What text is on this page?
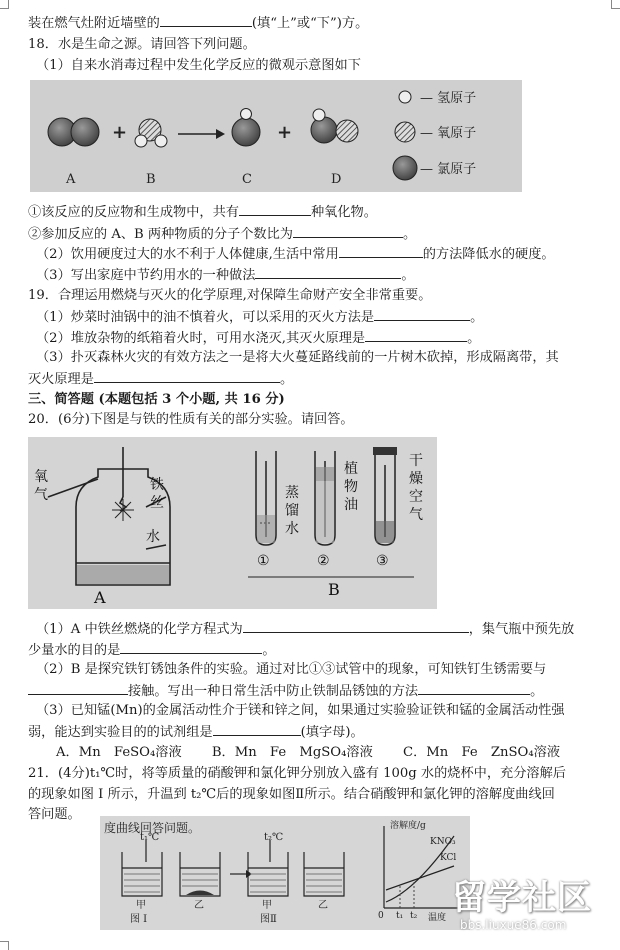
装在燃气灶附近墙壁的	(填“上”或“下”)方。
18．水是生命之源。请回答下列问题。
（1）自来水消毒过程中发生化学反应的微观示意图如下
+	+
A	B	C	D
— 氢原子
— 氧原子
— 氯原子
①该反应的反应物和生成物中，共有	种氧化物。
②参加反应的 A、B 两种物质的分子个数比为	。
（2）饮用硬度过大的水不利于人体健康,生活中常用	的方法降低水的硬度。
（3）写出家庭中节约用水的一种做法	。
19．合理运用燃烧与灭火的化学原理,对保障生命财产安全非常重要。
（1）炒菜时油锅中的油不慎着火，可以采用的灭火方法是	。
（2）堆放杂物的纸箱着火时，可用水浇灭,其灭火原理是	。
（3）扑灭森林火灾的有效方法之一是将大火蔓延路线前的一片树木砍掉，形成隔离带，其
灭火原理是	。
三、简答题 (本题包括 3 个小题, 共 16 分)
20．(6分)下图是与铁的性质有关的部分实验。请回答。
氧
气
铁
丝
水
蒸
馏
水
植
物
油
干
燥
空
气
①	②	③
A	B
（1）A 中铁丝燃烧的化学方程式为	，集气瓶中预先放
少量水的目的是	。
（2）B 是探究铁钉锈蚀条件的实验。通过对比①③试管中的现象，可知铁钉生锈需要与
接触。写出一种日常生活中防止铁制品锈蚀的方法	。
（3）已知锰(Mn)的金属活动性介于镁和锌之间，如果通过实验验证铁和锰的金属活动性强
弱，能达到实验目的的试剂组是	(填字母)。
A．Mn　FeSO₄溶液 B．Mn　Fe　MgSO₄溶液 C．Mn　Fe　ZnSO₄溶液
21．(4分)t₁℃时，将等质量的硝酸钾和氯化钾分别放入盛有 100g 水的烧杯中，充分溶解后
的现象如图 I 所示，升温到 t₂℃后的现象如图Ⅱ所示。结合硝酸钾和氯化钾的溶解度曲线回
答问题。
度曲线回答问题。
t₁℃	t₂℃
甲	乙	甲	乙
图 I	图Ⅱ
溶解度/g
KNO₃
KCl
0 t₁ t₂ 温度 留学社区
bbs.liuxue86.com
